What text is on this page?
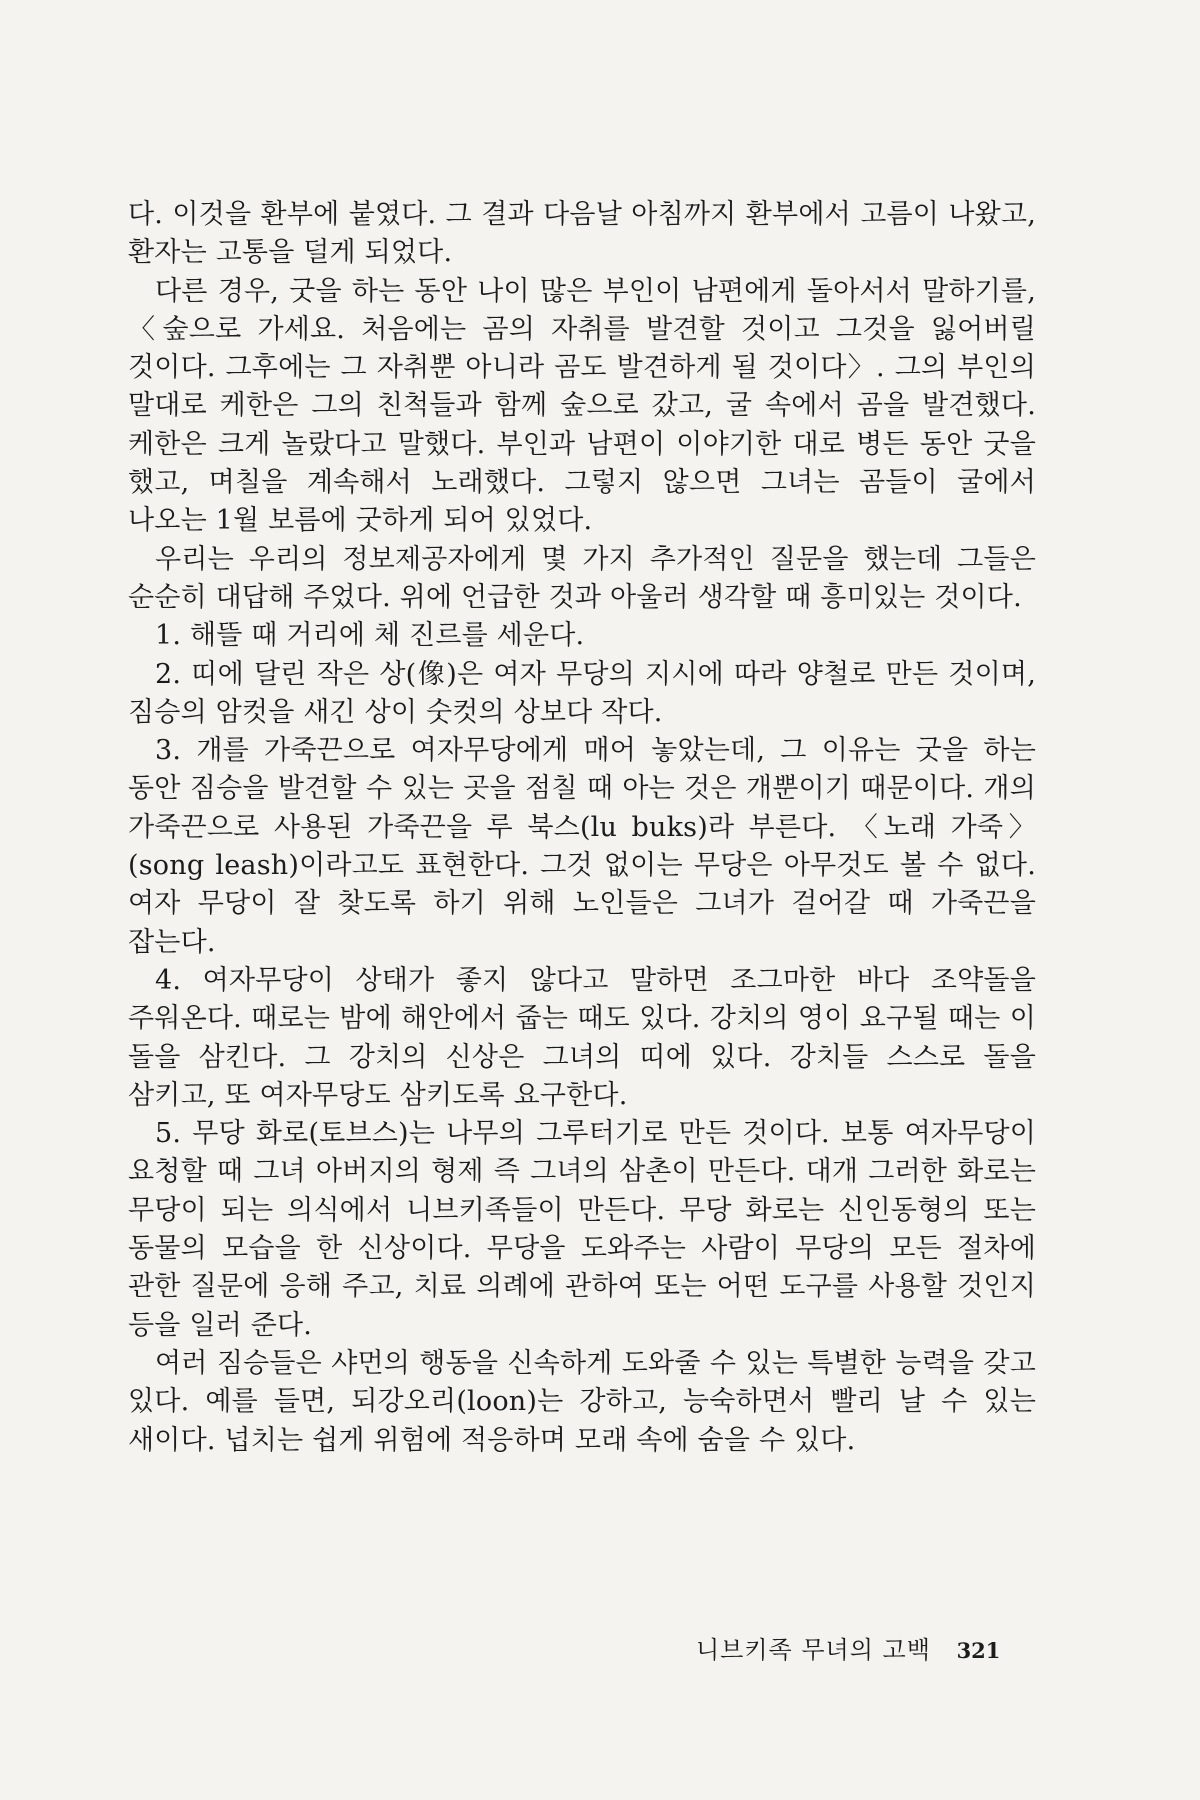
다. 이것을 환부에 붙였다. 그 결과 다음날 아침까지 환부에서 고름이 나왔고, 환자는 고통을 덜게 되었다.

다른 경우, 굿을 하는 동안 나이 많은 부인이 남편에게 돌아서서 말하기를, 〈숲으로 가세요. 처음에는 곰의 자취를 발견할 것이고 그것을 잃어버릴 것이다. 그후에는 그 자취뿐 아니라 곰도 발견하게 될 것이다〉. 그의 부인의 말대로 케한은 그의 친척들과 함께 숲으로 갔고, 굴 속에서 곰을 발견했다. 케한은 크게 놀랐다고 말했다. 부인과 남편이 이야기한 대로 병든 동안 굿을 했고, 며칠을 계속해서 노래했다. 그렇지 않으면 그녀는 곰들이 굴에서 나오는 1월 보름에 굿하게 되어 있었다.

우리는 우리의 정보제공자에게 몇 가지 추가적인 질문을 했는데 그들은 순순히 대답해 주었다. 위에 언급한 것과 아울러 생각할 때 흥미있는 것이다.

1. 해뜰 때 거리에 체 진르를 세운다.

2. 띠에 달린 작은 상(像)은 여자 무당의 지시에 따라 양철로 만든 것이며, 짐승의 암컷을 새긴 상이 숫컷의 상보다 작다.

3. 개를 가죽끈으로 여자무당에게 매어 놓았는데, 그 이유는 굿을 하는 동안 짐승을 발견할 수 있는 곳을 점칠 때 아는 것은 개뿐이기 때문이다. 개의 가죽끈으로 사용된 가죽끈을 루 북스(lu buks)라 부른다. 〈노래 가죽〉(song leash)이라고도 표현한다. 그것 없이는 무당은 아무것도 볼 수 없다. 여자 무당이 잘 찾도록 하기 위해 노인들은 그녀가 걸어갈 때 가죽끈을 잡는다.

4. 여자무당이 상태가 좋지 않다고 말하면 조그마한 바다 조약돌을 주워온다. 때로는 밤에 해안에서 줍는 때도 있다. 강치의 영이 요구될 때는 이 돌을 삼킨다. 그 강치의 신상은 그녀의 띠에 있다. 강치들 스스로 돌을 삼키고, 또 여자무당도 삼키도록 요구한다.

5. 무당 화로(토브스)는 나무의 그루터기로 만든 것이다. 보통 여자무당이 요청할 때 그녀 아버지의 형제 즉 그녀의 삼촌이 만든다. 대개 그러한 화로는 무당이 되는 의식에서 니브키족들이 만든다. 무당 화로는 신인동형의 또는 동물의 모습을 한 신상이다. 무당을 도와주는 사람이 무당의 모든 절차에 관한 질문에 응해 주고, 치료 의례에 관하여 또는 어떤 도구를 사용할 것인지 등을 일러 준다.

여러 짐승들은 샤먼의 행동을 신속하게 도와줄 수 있는 특별한 능력을 갖고 있다. 예를 들면, 되강오리(loon)는 강하고, 능숙하면서 빨리 날 수 있는 새이다. 넙치는 쉽게 위험에 적응하며 모래 속에 숨을 수 있다.

니브키족 무녀의 고백 321
